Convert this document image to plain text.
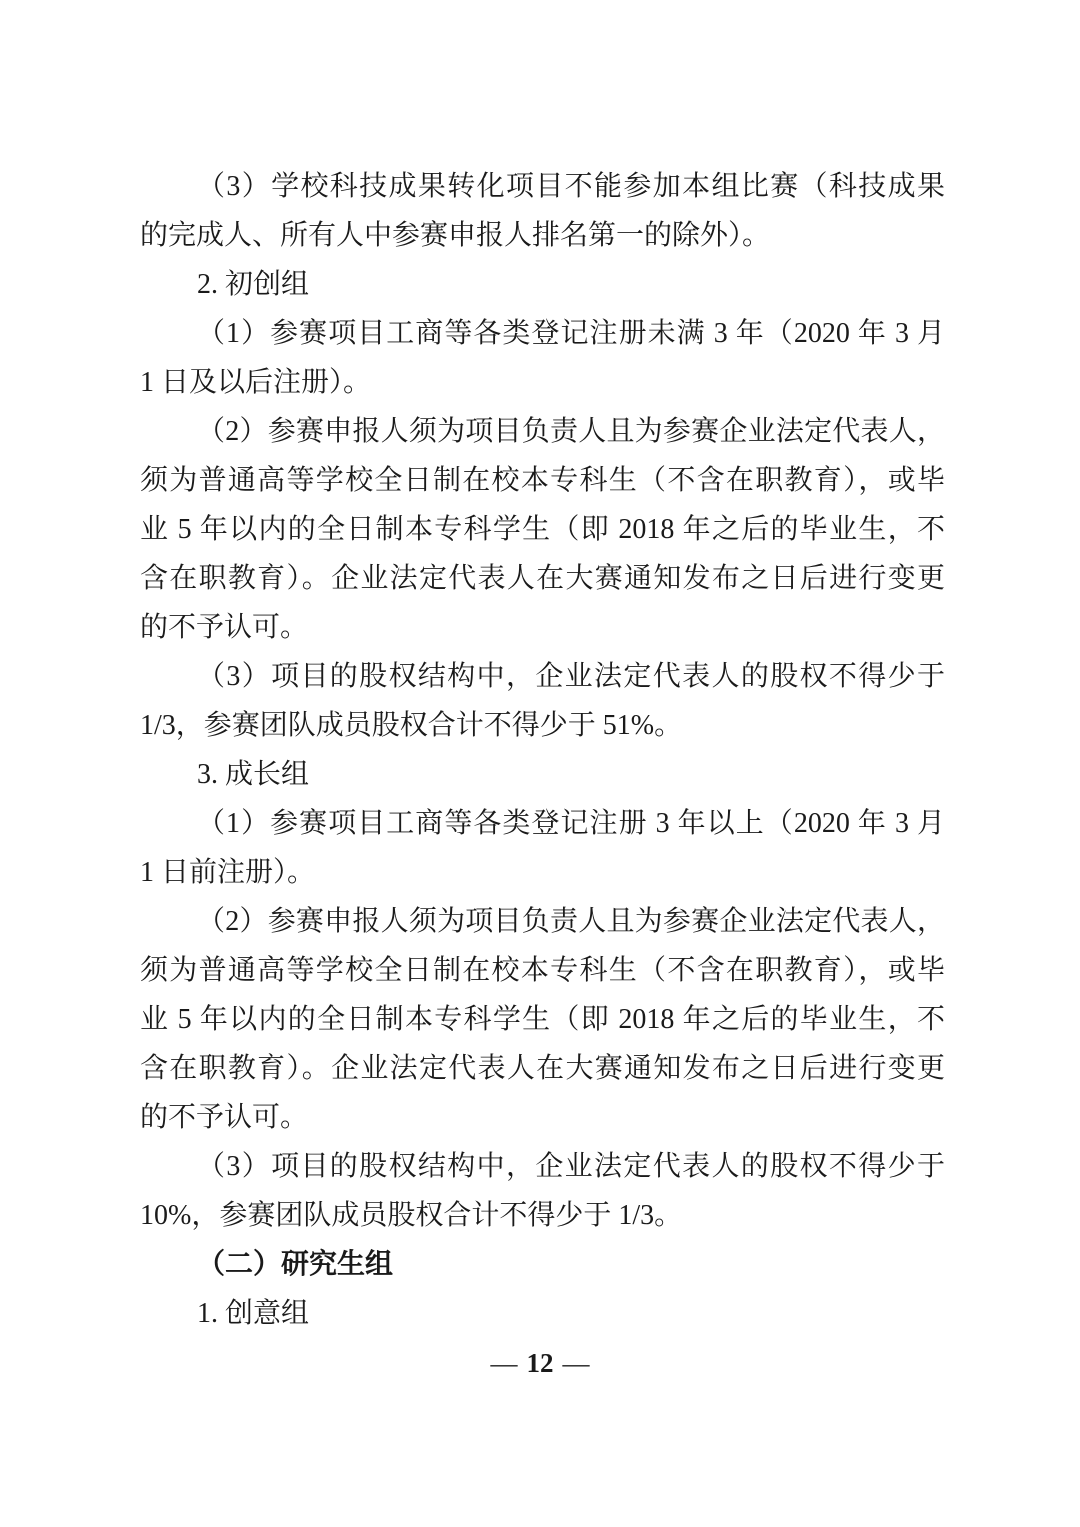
（3）学校科技成果转化项目不能参加本组比赛（科技成果
的完成人、所有人中参赛申报人排名第一的除外）。
2. 初创组
（1）参赛项目工商等各类登记注册未满 3 年（2020 年 3 月
1 日及以后注册）。
（2）参赛申报人须为项目负责人且为参赛企业法定代表人，
须为普通高等学校全日制在校本专科生（不含在职教育），或毕
业 5 年以内的全日制本专科学生（即 2018 年之后的毕业生，不
含在职教育）。企业法定代表人在大赛通知发布之日后进行变更
的不予认可。
（3）项目的股权结构中，企业法定代表人的股权不得少于
1/3，参赛团队成员股权合计不得少于 51%。
3. 成长组
（1）参赛项目工商等各类登记注册 3 年以上（2020 年 3 月
1 日前注册）。
（2）参赛申报人须为项目负责人且为参赛企业法定代表人，
须为普通高等学校全日制在校本专科生（不含在职教育），或毕
业 5 年以内的全日制本专科学生（即 2018 年之后的毕业生，不
含在职教育）。企业法定代表人在大赛通知发布之日后进行变更
的不予认可。
（3）项目的股权结构中，企业法定代表人的股权不得少于
10%，参赛团队成员股权合计不得少于 1/3。
（二）研究生组
1. 创意组
— 12 —
